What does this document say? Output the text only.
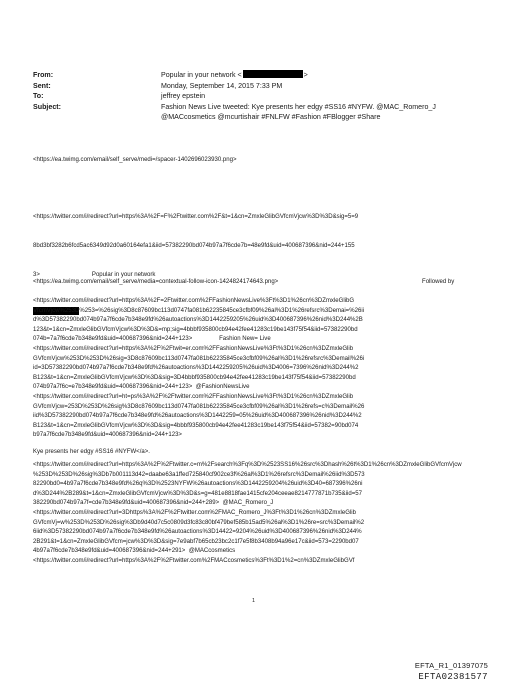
From:	Popular in your network <	>
Sent:	Monday, September 14, 2015 7:33 PM
To:	jeffrey epstein
Subject:	Fashion News Live tweeted: Kye presents her edgy #SS16 #NYFW. @MAC_Romero_J
@MACcosmetics @mcurtishair #FNLFW #Fashion #FBlogger #Share
<https://ea.twimg.com/email/self_serve/medi=/spacer-1402696023930.png>

<https://twitter.com/i/redirect?url=https%3A%2F=F%2Ftwitter.com%2F&t=1&cn=ZmxleGlibGVfcmVjcw%3D%3D&sig=5=9

8bd3bf3282b6fcd5ac6349d92d0a60164efa1&iid=57382290bd074b97a7f6cde7b=48e9fd&uid=400687396&nid=244+155

3>	Popular in your network

<https://ea.twimg.com/email/self_serve/media=contextual-follow-icon-1424824174643.png>	Followed by

<https://twitter.com/i/redirect?url=https%3A%2F=2Ftwitter.com%2FFashionNewsLive%3Ft%3D1%26cn%3DZmxleGlibG
VfcmVjcw%253D%253=%26sig%3D8c87609bc113d0747fa081b62235845ce3cfbf09%26al%3D1%26refsrc%3Demai=%26ii
d%3D57382290bd074b97a7f6cde7b348e9fd%26autoactions%3D1442259205%26uid%3D400687396%26nid%3D244%2B
123&t=1&cn=ZmxleGlibGVfcmVjcw%3D%3D&=mp;sig=4bbbf935800cb94e42fee41283c19be143f75f54&iid=57382290bd
074b=7a7f6cde7b348e9fd&uid=400687396&nid=244+123>                Fashion New= Live
<https://twitter.com/i/redirect?url=https%3A%2F%2Ftwit=er.com%2FFashionNewsLive%3Ft%3D1%26cn%3DZmxleGlib
GVfcmVjcw%253D%253D%26sig=3D8c87609bc113d0747fa081b62235845ce3cfbf09%26al%3D1%26refsrc%3Demail%26i
id=3D57382290bd074b97a7f6cde7b348e9fd%26autoactions%3D1442259205%26uid%3D4006=7396%26nid%3D244%2
B123&t=1&cn=ZmxleGlibGVfcmVjcw%3D%3D&sig=3D4bbbf935800cb94e42fee41283c19be143f75f54&iid=57382290bd
074b97a7f6c=e7b348e9fd&uid=400687396&nid=244+123>  @FashionNewsLive
<https://twitter.com/i/redirect?url=ht=ps%3A%2F%2Ftwitter.com%2FFashionNewsLive%3Ft%3D1%26cn%3DZmxleGlib
GVfcmVjcw=253D%253D%26sig%3D8c87609bc113d0747fa081b62235845ce3cfbf09%26al%3D1%26refs=c%3Demail%26
iid%3D57382290bd074b97a7f6cde7b348e9fd%26autoactions%3D1442259=05%26uid%3D400687396%26nid%3D244%2
B123&t=1&cn=ZmxleGlibGVfcmVjcw%3D%3D&sig=4bbbf935800cb94e42fee41283c19be143f75f54&iid=57382=90bd074
b97a7f6cde7b348e9fd&uid=400687396&nid=244+123>
Kye presents her edgy #SS16 #NYFW</a>.
<https://twitter.com/i/redirect?url=https%3A%2F%2Ftwitter.c=m%2Fsearch%3Fq%3D%2523SS16%26src%3Dhash%26t%3D1%26cn%3DZmxleGlibGVfcmVjcw
%253D%253D%26sig%3Db7b001113d42=daabe63a1ffed725840cf902ce3f%26al%3D1%26refsrc%3Demail%26iid%3D573
82290bd0=4b97a7f6cde7b348e9fd%26q%3D%2523NYFW%26autoactions%3D1442259204%26uid%3D40=687396%26ni
d%3D244%2B289&t=1&cn=ZmxleGlibGVfcmVjcw%3D%3D&s=g=481e8818fae1415cfe204ceeae8214777871b735&iid=57
382290bd074b97a7f=cde7b348e9fd&uid=400687396&nid=244+289>  @MAC_Romero_J
<https://twitter.com/i/redirect?url=3Dhttps%3A%2F%2Ftwitter.com%2FMAC_Romero_J%3Ft%3D1%26cn%3DZmxleGlib
GVfcmVj=w%253D%253D%26sig%3Db9d40d7c5c0809d3fc83c80bf479bef585b15ad5%26al%3D1%26re=src%3Demail%2
6iid%3D57382290bd074b97a7f6cde7b348e9fd%26autoactions%3D14422=9204%26uid%3D400687396%26nid%3D244%
2B291&t=1&cn=ZmxleGlibGVfcm=jcw%3D%3D&sig=7e9abf7b65cb23bc2c1f7e5f8b3408b94a96e17c&iid=573=2290bd07
4b97a7f6cde7b348e9fd&uid=400687396&nid=244+291>  @MACcosmetics
<https://twitter.com/i/redirect?url=https%3A%2F%2Ftwitter.com%2FMACcosmetics%3Ft%3D1%2=cn%3DZmxleGlibGVf
1
EFTA_R1_01397075
EFTA02381577
